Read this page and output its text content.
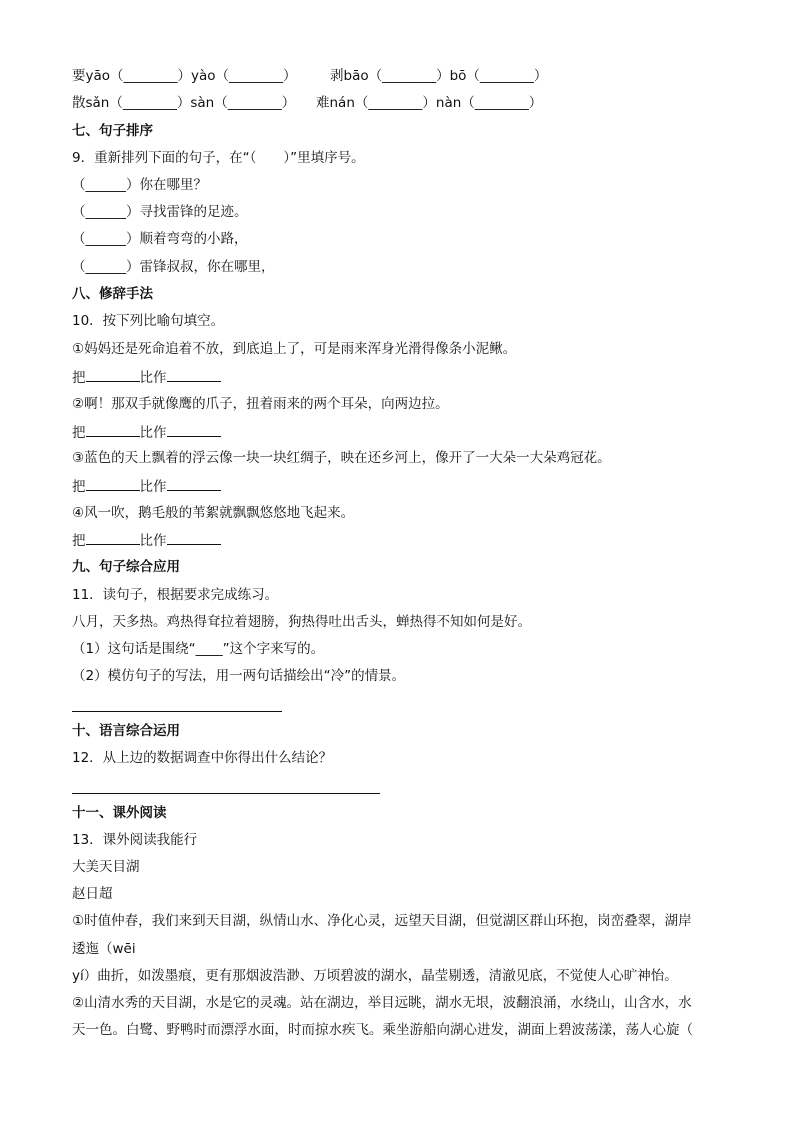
要yāo（________）yào（________） 剥bāo（________）bō（________）
散sǎn（________）sàn（________） 难nán（________）nàn（________）
七、句子排序
9．重新排列下面的句子，在“（　　）”里填序号。
（______）你在哪里？
（______）寻找雷锋的足迹。
（______）顺着弯弯的小路，
（______）雷锋叔叔，你在哪里，
八、修辞手法
10．按下列比喻句填空。
①妈妈还是死命追着不放，到底追上了，可是雨来浑身光滑得像条小泥鳅。
把	比作
②啊！那双手就像鹰的爪子，扭着雨来的两个耳朵，向两边拉。
把	比作
③蓝色的天上飘着的浮云像一块一块红绸子，映在还乡河上，像开了一大朵一大朵鸡冠花。
把	比作
④风一吹，鹅毛般的苇絮就飘飘悠悠地飞起来。
把	比作
九、句子综合应用
11．读句子，根据要求完成练习。
八月，天多热。鸡热得耷拉着翅膀，狗热得吐出舌头，蝉热得不知如何是好。
（1）这句话是围绕“____”这个字来写的。
（2）模仿句子的写法，用一两句话描绘出“冷”的情景。
十、语言综合运用
12．从上边的数据调查中你得出什么结论？
十一、课外阅读
13．课外阅读我能行
大美天目湖
赵日超
①时值仲春，我们来到天目湖，纵情山水、净化心灵，远望天目湖，但觉湖区群山环抱，岗峦叠翠，湖岸
逶迤（wēi
yí）曲折，如泼墨痕，更有那烟波浩渺、万顷碧波的湖水，晶莹剔透，清澈见底，不觉使人心旷神怡。
②山清水秀的天目湖，水是它的灵魂。站在湖边，举目远眺，湖水无垠，波翻浪涌，水绕山，山含水，水
天一色。白鹭、野鸭时而漂浮水面，时而掠水疾飞。乘坐游船向湖心进发，湖面上碧波荡漾，荡人心旋（
